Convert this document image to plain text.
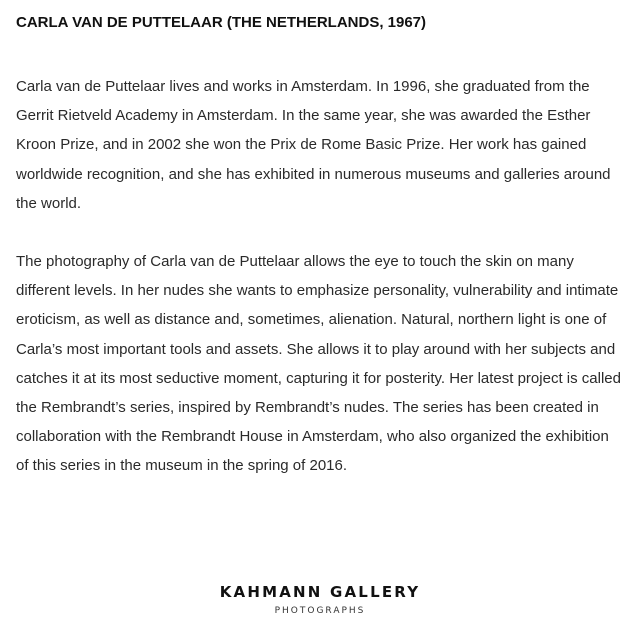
CARLA VAN DE PUTTELAAR (THE NETHERLANDS, 1967)

Carla van de Puttelaar lives and works in Amsterdam. In 1996, she graduated from the Gerrit Rietveld Academy in Amsterdam. In the same year, she was awarded the Esther Kroon Prize, and in 2002 she won the Prix de Rome Basic Prize. Her work has gained worldwide recognition, and she has exhibited in numerous museums and galleries around the world.

The photography of Carla van de Puttelaar allows the eye to touch the skin on many different levels. In her nudes she wants to emphasize personality, vulnerability and intimate eroticism, as well as distance and, sometimes, alienation. Natural, northern light is one of Carla’s most important tools and assets. She allows it to play around with her subjects and catches it at its most seductive moment, capturing it for posterity. Her latest project is called the Rembrandt’s series, inspired by Rembrandt’s nudes. The series has been created in collaboration with the Rembrandt House in Amsterdam, who also organized the exhibition of this series in the museum in the spring of 2016.

KAHMANN GALLERY
PHOTOGRAPHS
